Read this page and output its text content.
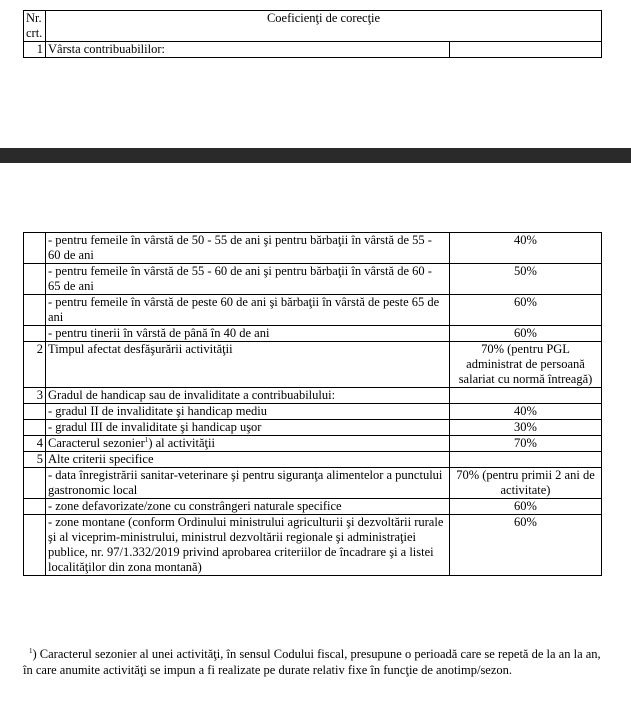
Nr. crt.	Coeficienţi de corecţie	
1	Vârsta contribuabililor:	
	- pentru femeile în vârstă de 50 - 55 de ani şi pentru bărbaţii în vârstă de 55 - 60 de ani	40%
	- pentru femeile în vârstă de 55 - 60 de ani şi pentru bărbaţii în vârstă de 60 - 65 de ani	50%
	- pentru femeile în vârstă de peste 60 de ani şi bărbaţii în vârstă de peste 65 de ani	60%
	- pentru tinerii în vârstă de până în 40 de ani	60%
2	Timpul afectat desfăşurării activităţii	70% (pentru PGL administrat de persoană salariat cu normă întreagă)
3	Gradul de handicap sau de invaliditate a contribuabilului:	
	- gradul II de invaliditate şi handicap mediu	40%
	- gradul III de invaliditate şi handicap uşor	30%
4	Caracterul sezonier$^1$) al activităţii	70%
5	Alte criterii specifice	
	- data înregistrării sanitar-veterinare şi pentru siguranţa alimentelor a punctului gastronomic local	70% (pentru primii 2 ani de activitate)
	- zone defavorizate/zone cu constrângeri naturale specifice	60%
	- zone montane (conform Ordinului ministrului agriculturii şi dezvoltării rurale şi al viceprim-ministrului, ministrul dezvoltării regionale şi administraţiei publice, nr. 97/1.332/2019 privind aprobarea criteriilor de încadrare şi a listei localităţilor din zona montană)	60%
$^1$) Caracterul sezonier al unei activităţi, în sensul Codului fiscal, presupune o perioadă care se repetă de la an la an, în care anumite activităţi se impun a fi realizate pe durate relativ fixe în funcţie de anotimp/sezon.
